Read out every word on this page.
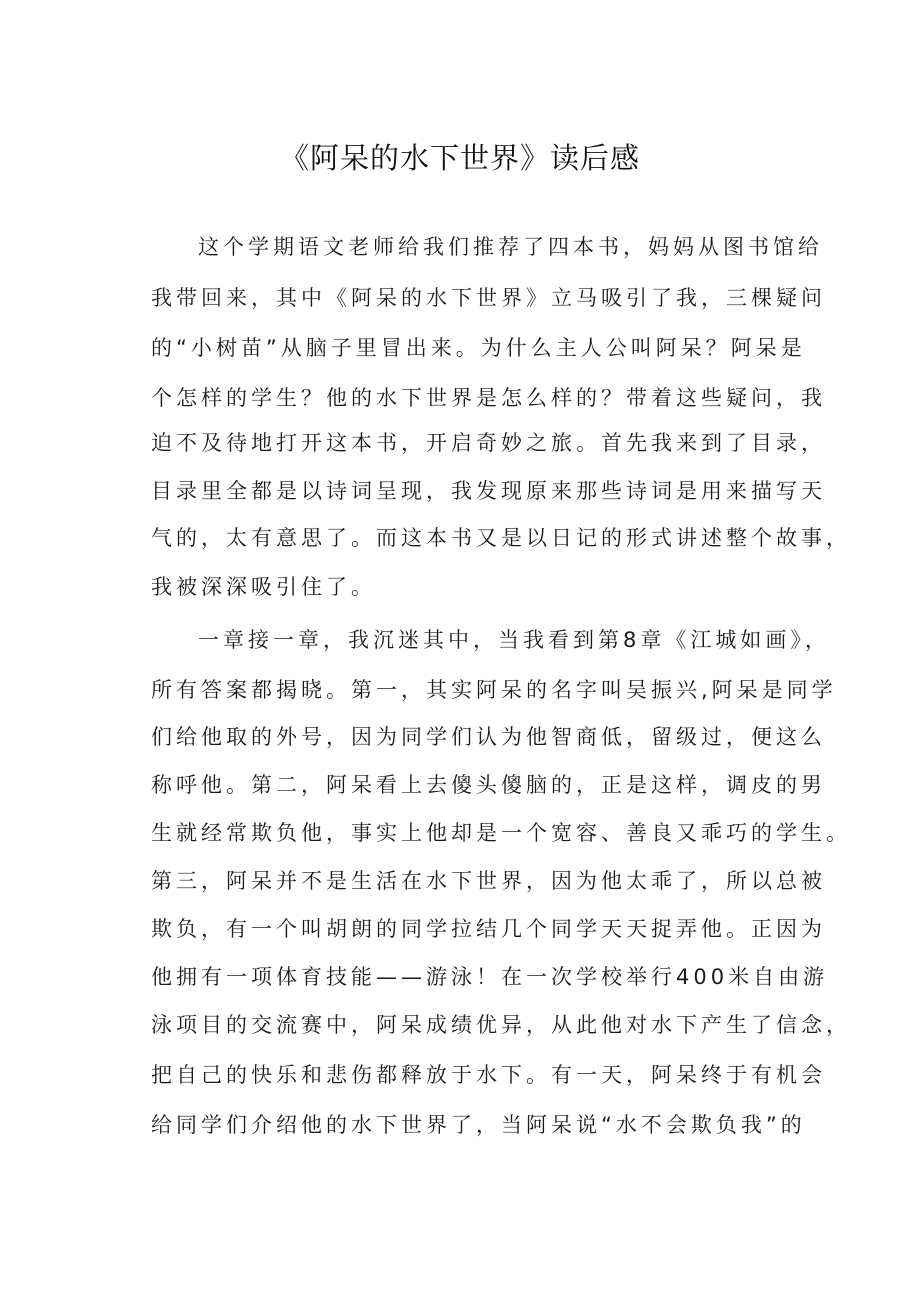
《阿呆的水下世界》读后感
这个学期语文老师给我们推荐了四本书，妈妈从图书馆给
我带回来，其中《阿呆的水下世界》立马吸引了我，三棵疑问
的“小树苗”从脑子里冒出来。为什么主人公叫阿呆？阿呆是
个怎样的学生？他的水下世界是怎么样的？带着这些疑问，我
迫不及待地打开这本书，开启奇妙之旅。首先我来到了目录，
目录里全都是以诗词呈现，我发现原来那些诗词是用来描写天
气的，太有意思了。而这本书又是以日记的形式讲述整个故事，
我被深深吸引住了。
一章接一章，我沉迷其中，当我看到第8章《江城如画》，
所有答案都揭晓。第一，其实阿呆的名字叫吴振兴,阿呆是同学
们给他取的外号，因为同学们认为他智商低，留级过，便这么
称呼他。第二，阿呆看上去傻头傻脑的，正是这样，调皮的男
生就经常欺负他，事实上他却是一个宽容、善良又乖巧的学生。
第三，阿呆并不是生活在水下世界，因为他太乖了，所以总被
欺负，有一个叫胡朗的同学拉结几个同学天天捉弄他。正因为
他拥有一项体育技能——游泳！在一次学校举行400米自由游
泳项目的交流赛中，阿呆成绩优异，从此他对水下产生了信念，
把自己的快乐和悲伤都释放于水下。有一天，阿呆终于有机会
给同学们介绍他的水下世界了，当阿呆说“水不会欺负我”的
